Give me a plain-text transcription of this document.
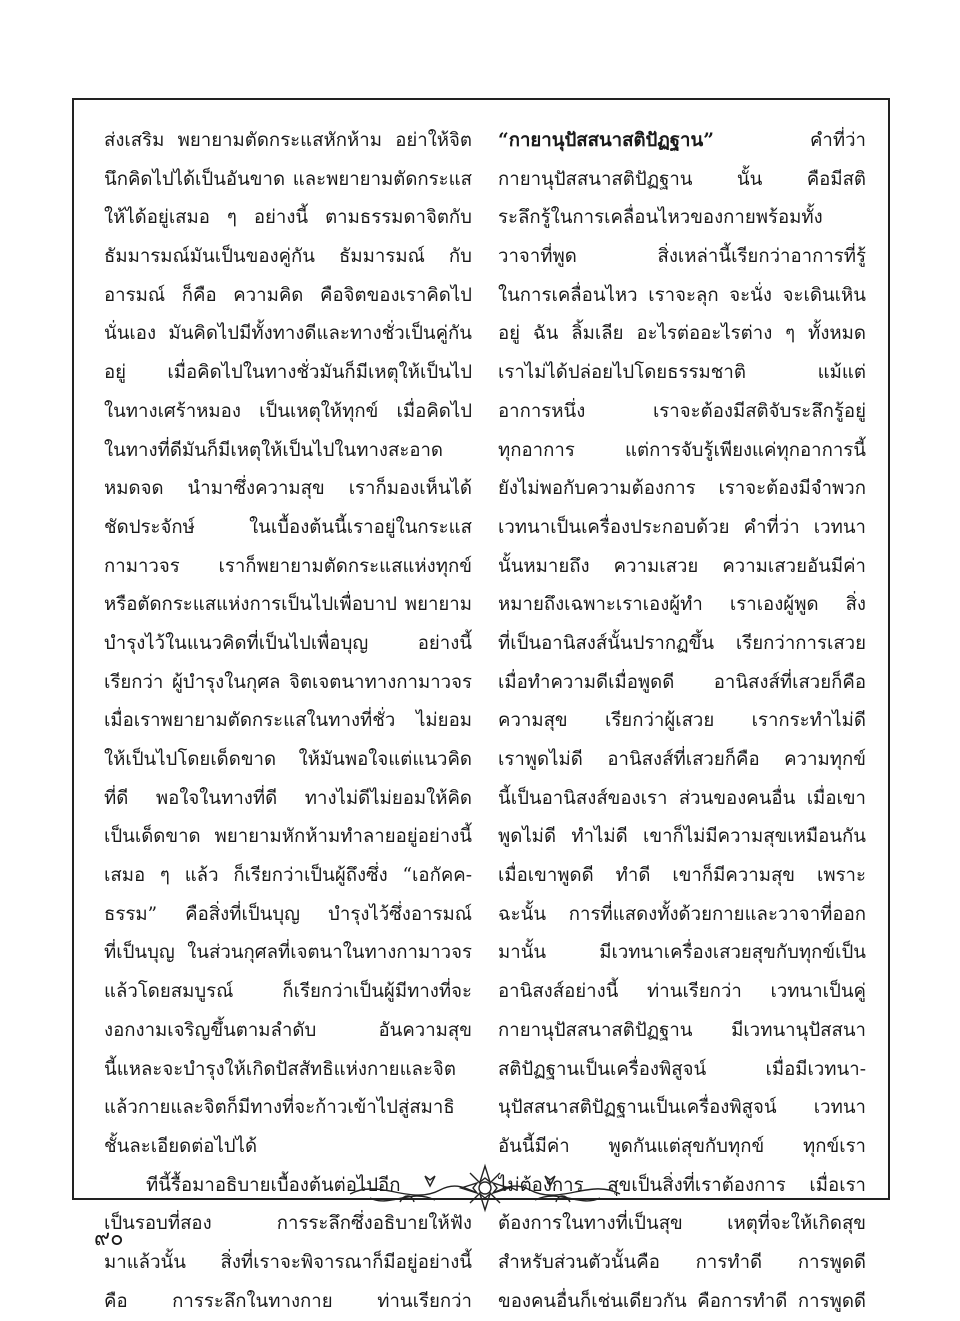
ส่งเสริม พยายามตัดกระแสหักห้าม อย่าให้จิต
นึกคิดไปได้เป็นอันขาด และพยายามตัดกระแส
ให้ได้อยู่เสมอ ๆ อย่างนี้ ตามธรรมดาจิตกับ
ธัมมารมณ์มันเป็นของคู่กัน ธัมมารมณ์ กับ
อารมณ์ ก็คือ ความคิด คือจิตของเราคิดไป
นั่นเอง มันคิดไปมีทั้งทางดีและทางชั่วเป็นคู่กัน
อยู่ เมื่อคิดไปในทางชั่วมันก็มีเหตุให้เป็นไป
ในทางเศร้าหมอง เป็นเหตุให้ทุกข์ เมื่อคิดไป
ในทางที่ดีมันก็มีเหตุให้เป็นไปในทางสะอาด
หมดจด นำมาซึ่งความสุข เราก็มองเห็นได้
ชัดประจักษ์ ในเบื้องต้นนี้เราอยู่ในกระแส
กามาวจร เราก็พยายามตัดกระแสแห่งทุกข์
หรือตัดกระแสแห่งการเป็นไปเพื่อบาป พยายาม
บำรุงไว้ในแนวคิดที่เป็นไปเพื่อบุญ อย่างนี้
เรียกว่า ผู้บำรุงในกุศล จิตเจตนาทางกามาวจร
เมื่อเราพยายามตัดกระแสในทางที่ชั่ว ไม่ยอม
ให้เป็นไปโดยเด็ดขาด ให้มันพอใจแต่แนวคิด
ที่ดี พอใจในทางที่ดี ทางไม่ดีไม่ยอมให้คิด
เป็นเด็ดขาด พยายามหักห้ามทำลายอยู่อย่างนี้
เสมอ ๆ แล้ว ก็เรียกว่าเป็นผู้ถึงซึ่ง “เอกัคค-
ธรรม” คือสิ่งที่เป็นบุญ บำรุงไว้ซึ่งอารมณ์
ที่เป็นบุญ ในส่วนกุศลที่เจตนาในทางกามาวจร
แล้วโดยสมบูรณ์ ก็เรียกว่าเป็นผู้มีทางที่จะ
งอกงามเจริญขึ้นตามลำดับ อันความสุข
นี้แหละจะบำรุงให้เกิดปัสสัทธิแห่งกายและจิต
แล้วกายและจิตก็มีทางที่จะก้าวเข้าไปสู่สมาธิ
ชั้นละเอียดต่อไปได้
ทีนี้รื้อมาอธิบายเบื้องต้นต่อไปอีก
เป็นรอบที่สอง การระลึกซึ่งอธิบายให้ฟัง
มาแล้วนั้น สิ่งที่เราจะพิจารณาก็มีอยู่อย่างนี้
คือ การระลึกในทางกาย ท่านเรียกว่า
“กายานุปัสสนาสติปัฏฐาน”	คำที่ว่า
กายานุปัสสนาสติปัฏฐาน นั้น คือมีสติ
ระลึกรู้ในการเคลื่อนไหวของกายพร้อมทั้ง
วาจาที่พูด สิ่งเหล่านี้เรียกว่าอาการที่รู้
ในการเคลื่อนไหว เราจะลุก จะนั่ง จะเดินเหิน
อยู่ ฉัน ลิ้มเลีย อะไรต่ออะไรต่าง ๆ ทั้งหมด
เราไม่ได้ปล่อยไปโดยธรรมชาติ แม้แต่
อาการหนึ่ง เราจะต้องมีสติจับระลึกรู้อยู่
ทุกอาการ แต่การจับรู้เพียงแค่ทุกอาการนี้
ยังไม่พอกับความต้องการ เราจะต้องมีจำพวก
เวทนาเป็นเครื่องประกอบด้วย คำที่ว่า เวทนา
นั้นหมายถึง ความเสวย ความเสวยอันมีค่า
หมายถึงเฉพาะเราเองผู้ทำ เราเองผู้พูด สิ่ง
ที่เป็นอานิสงส์นั้นปรากฏขึ้น เรียกว่าการเสวย
เมื่อทำความดีเมื่อพูดดี อานิสงส์ที่เสวยก็คือ
ความสุข เรียกว่าผู้เสวย เรากระทำไม่ดี
เราพูดไม่ดี อานิสงส์ที่เสวยก็คือ ความทุกข์
นี้เป็นอานิสงส์ของเรา ส่วนของคนอื่น เมื่อเขา
พูดไม่ดี ทำไม่ดี เขาก็ไม่มีความสุขเหมือนกัน
เมื่อเขาพูดดี ทำดี เขาก็มีความสุข เพราะ
ฉะนั้น การที่แสดงทั้งด้วยกายและวาจาที่ออก
มานั้น มีเวทนาเครื่องเสวยสุขกับทุกข์เป็น
อานิสงส์อย่างนี้ ท่านเรียกว่า เวทนาเป็นคู่
กายานุปัสสนาสติปัฏฐาน มีเวทนานุปัสสนา
สติปัฏฐานเป็นเครื่องพิสูจน์ เมื่อมีเวทนา-
นุปัสสนาสติปัฏฐานเป็นเครื่องพิสูจน์ เวทนา
อันนี้มีค่า พูดกันแต่สุขกับทุกข์ ทุกข์เรา
ไม่ต้องการ สุขเป็นสิ่งที่เราต้องการ เมื่อเรา
ต้องการในทางที่เป็นสุข เหตุที่จะให้เกิดสุข
สำหรับส่วนตัวนั้นคือ การทำดี การพูดดี
ของคนอื่นก็เช่นเดียวกัน คือการทำดี การพูดดี
๙๐
